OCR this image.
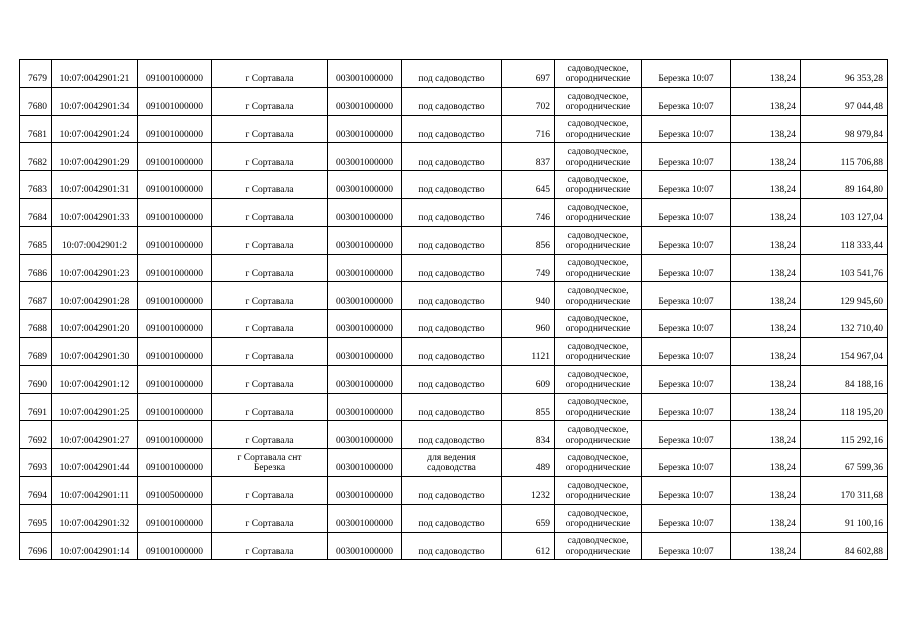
7679	10:07:0042901:21	091001000000	г Сортавала	003001000000	под садоводство	697	садоводческое,
огороднические	Березка 10:07	138,24	96 353,28
7680	10:07:0042901:34	091001000000	г Сортавала	003001000000	под садоводство	702	садоводческое,
огороднические	Березка 10:07	138,24	97 044,48
7681	10:07:0042901:24	091001000000	г Сортавала	003001000000	под садоводство	716	садоводческое,
огороднические	Березка 10:07	138,24	98 979,84
7682	10:07:0042901:29	091001000000	г Сортавала	003001000000	под садоводство	837	садоводческое,
огороднические	Березка 10:07	138,24	115 706,88
7683	10:07:0042901:31	091001000000	г Сортавала	003001000000	под садоводство	645	садоводческое,
огороднические	Березка 10:07	138,24	89 164,80
7684	10:07:0042901:33	091001000000	г Сортавала	003001000000	под садоводство	746	садоводческое,
огороднические	Березка 10:07	138,24	103 127,04
7685	10:07:0042901:2	091001000000	г Сортавала	003001000000	под садоводство	856	садоводческое,
огороднические	Березка 10:07	138,24	118 333,44
7686	10:07:0042901:23	091001000000	г Сортавала	003001000000	под садоводство	749	садоводческое,
огороднические	Березка 10:07	138,24	103 541,76
7687	10:07:0042901:28	091001000000	г Сортавала	003001000000	под садоводство	940	садоводческое,
огороднические	Березка 10:07	138,24	129 945,60
7688	10:07:0042901:20	091001000000	г Сортавала	003001000000	под садоводство	960	садоводческое,
огороднические	Березка 10:07	138,24	132 710,40
7689	10:07:0042901:30	091001000000	г Сортавала	003001000000	под садоводство	1121	садоводческое,
огороднические	Березка 10:07	138,24	154 967,04
7690	10:07:0042901:12	091001000000	г Сортавала	003001000000	под садоводство	609	садоводческое,
огороднические	Березка 10:07	138,24	84 188,16
7691	10:07:0042901:25	091001000000	г Сортавала	003001000000	под садоводство	855	садоводческое,
огороднические	Березка 10:07	138,24	118 195,20
7692	10:07:0042901:27	091001000000	г Сортавала	003001000000	под садоводство	834	садоводческое,
огороднические	Березка 10:07	138,24	115 292,16
7693	10:07:0042901:44	091001000000	г Сортавала снт
Березка	003001000000	для ведения
садоводства	489	садоводческое,
огороднические	Березка 10:07	138,24	67 599,36
7694	10:07:0042901:11	091005000000	г Сортавала	003001000000	под садоводство	1232	садоводческое,
огороднические	Березка 10:07	138,24	170 311,68
7695	10:07:0042901:32	091001000000	г Сортавала	003001000000	под садоводство	659	садоводческое,
огороднические	Березка 10:07	138,24	91 100,16
7696	10:07:0042901:14	091001000000	г Сортавала	003001000000	под садоводство	612	садоводческое,
огороднические	Березка 10:07	138,24	84 602,88
